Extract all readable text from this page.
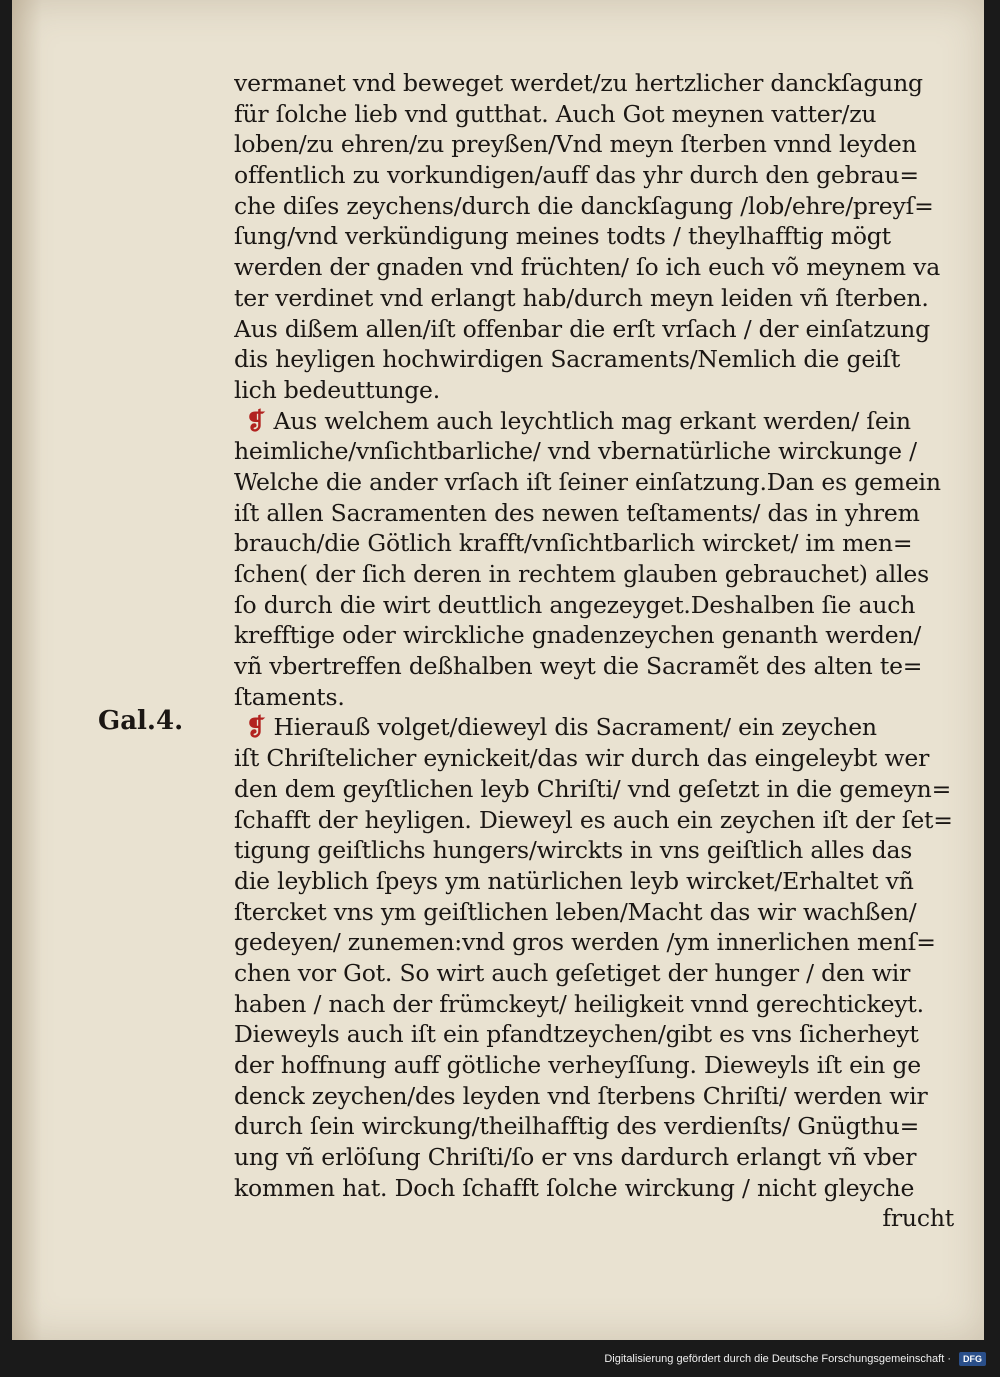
Gal.4.
vermanet vnd beweget werdet/zu hertzlicher danckſagung
für ſolche lieb vnd gutthat. Auch Got meynen vatter/zu
loben/zu ehren/zu preyßen/Vnd meyn ſterben vnnd leyden
offentlich zu vorkundigen/auff das yhr durch den gebrau=
che diſes zeychens/durch die danckſagung /lob/ehre/preyſ=
ſung/vnd verkündigung meines todts / theylhafftig mögt
werden der gnaden vnd früchten/ ſo ich euch võ meynem va
ter verdinet vnd erlangt hab/durch meyn leiden vñ ſterben.
Aus dißem allen/iſt offenbar die erſt vrſach / der einſatzung
dis heyligen hochwirdigen Sacraments/Nemlich die geiſt
lich bedeuttunge.
❡ Aus welchem auch leychtlich mag erkant werden/ ſein
heimliche/vnſichtbarliche/ vnd vbernatürliche wirckunge /
Welche die ander vrſach iſt ſeiner einſatzung.Dan es gemein
iſt allen Sacramenten des newen teſtaments/ das in yhrem
brauch/die Götlich krafft/vnſichtbarlich wircket/ im men=
ſchen( der ſich deren in rechtem glauben gebrauchet) alles
ſo durch die wirt deuttlich angezeyget.Deshalben ſie auch
krefftige oder wirckliche gnadenzeychen genanth werden/
vñ vbertreffen deßhalben weyt die Sacramẽt des alten te=
ſtaments.
❡ Hierauß volget/dieweyl dis Sacrament/ ein zeychen
iſt Chriſtelicher eynickeit/das wir durch das eingeleybt wer
den dem geyſtlichen leyb Chriſti/ vnd geſetzt in die gemeyn=
ſchafft der heyligen. Dieweyl es auch ein zeychen iſt der ſet=
tigung geiſtlichs hungers/wirckts in vns geiſtlich alles das
die leyblich ſpeys ym natürlichen leyb wircket/Erhaltet vñ
ſtercket vns ym geiſtlichen leben/Macht das wir wachßen/
gedeyen/ zunemen:vnd gros werden /ym innerlichen menſ=
chen vor Got. So wirt auch geſetiget der hunger / den wir
haben / nach der frümckeyt/ heiligkeit vnnd gerechtickeyt.
Dieweyls auch iſt ein pfandtzeychen/gibt es vns ſicherheyt
der hoffnung auff götliche verheyſſung. Dieweyls iſt ein ge
denck zeychen/des leyden vnd ſterbens Chriſti/ werden wir
durch ſein wirckung/theilhafftig des verdienſts/ Gnügthu=
ung vñ erlöſung Chriſti/ſo er vns dardurch erlangt vñ vber
kommen hat. Doch ſchafft ſolche wirckung / nicht gleyche
frucht
Digitalisierung gefördert durch die Deutsche Forschungsgemeinschaft ·	DFG
